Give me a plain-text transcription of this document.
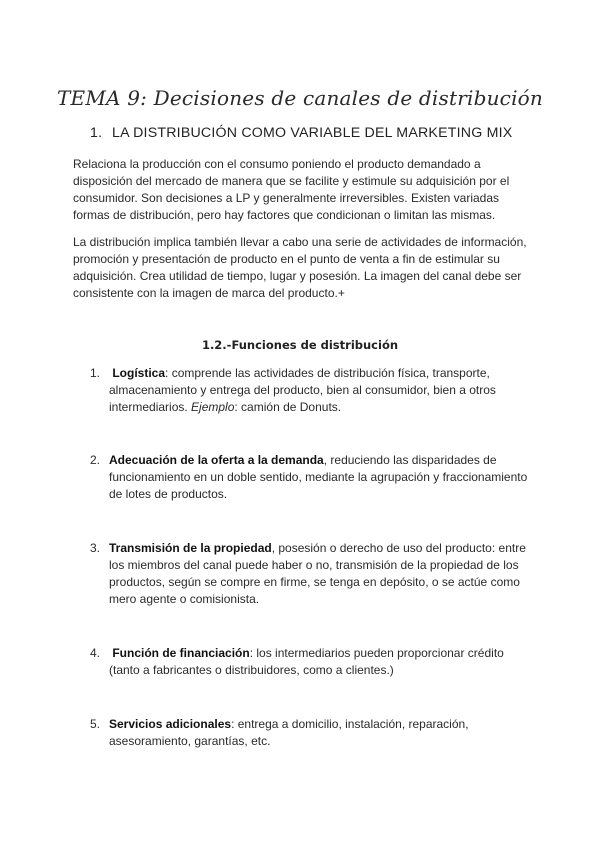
TEMA 9: Decisiones de canales de distribución
1. LA DISTRIBUCIÓN COMO VARIABLE DEL MARKETING MIX
Relaciona la producción con el consumo poniendo el producto demandado a disposición del mercado de manera que se facilite y estimule su adquisición por el consumidor. Son decisiones a LP y generalmente irreversibles. Existen variadas formas de distribución, pero hay factores que condicionan o limitan las mismas.
La distribución implica también llevar a cabo una serie de actividades de información, promoción y presentación de producto en el punto de venta a fin de estimular su adquisición. Crea utilidad de tiempo, lugar y posesión. La imagen del canal debe ser consistente con la imagen de marca del producto.+
1.2.-Funciones de distribución
1.	Logística: comprende las actividades de distribución física, transporte, almacenamiento y entrega del producto, bien al consumidor, bien a otros intermediarios. Ejemplo: camión de Donuts.
2. Adecuación de la oferta a la demanda, reduciendo las disparidades de funcionamiento en un doble sentido, mediante la agrupación y fraccionamiento de lotes de productos.
3. Transmisión de la propiedad, posesión o derecho de uso del producto: entre los miembros del canal puede haber o no, transmisión de la propiedad de los productos, según se compre en firme, se tenga en depósito, o se actúe como mero agente o comisionista.
4.	Función de financiación: los intermediarios pueden proporcionar crédito (tanto a fabricantes o distribuidores, como a clientes.)
5. Servicios adicionales: entrega a domicilio, instalación, reparación, asesoramiento, garantías, etc.
